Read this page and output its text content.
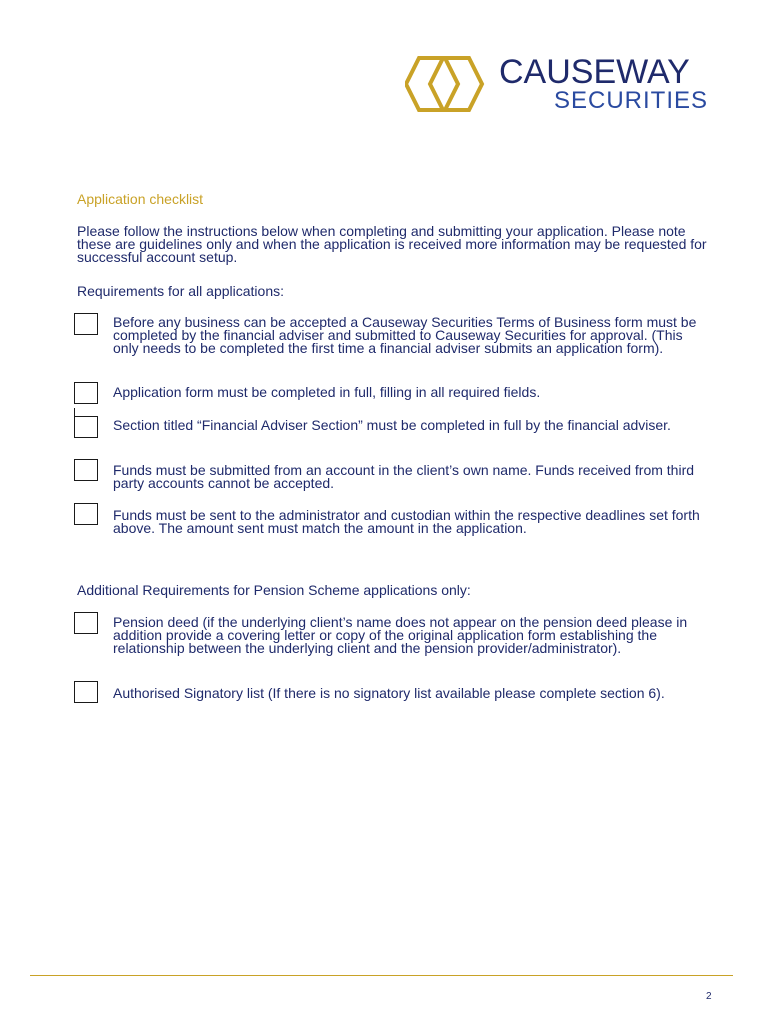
CAUSEWAY
SECURITIES
Application checklist
Please follow the instructions below when completing and submitting your application. Please note these are guidelines only and when the application is received more information may be requested for successful account setup.
Requirements for all applications:
Before any business can be accepted a Causeway Securities Terms of Business form must be completed by the financial adviser and submitted to Causeway Securities for approval. (This only needs to be completed the first time a financial adviser submits an application form).
Application form must be completed in full, filling in all required fields.
Section titled “Financial Adviser Section” must be completed in full by the financial adviser.
Funds must be submitted from an account in the client’s own name. Funds received from third party accounts cannot be accepted.
Funds must be sent to the administrator and custodian within the respective deadlines set forth above. The amount sent must match the amount in the application.
Additional Requirements for Pension Scheme applications only:
Pension deed (if the underlying client’s name does not appear on the pension deed please in addition provide a covering letter or copy of the original application form establishing the relationship between the underlying client and the pension provider/administrator).
Authorised Signatory list (If there is no signatory list available please complete section 6).
2
